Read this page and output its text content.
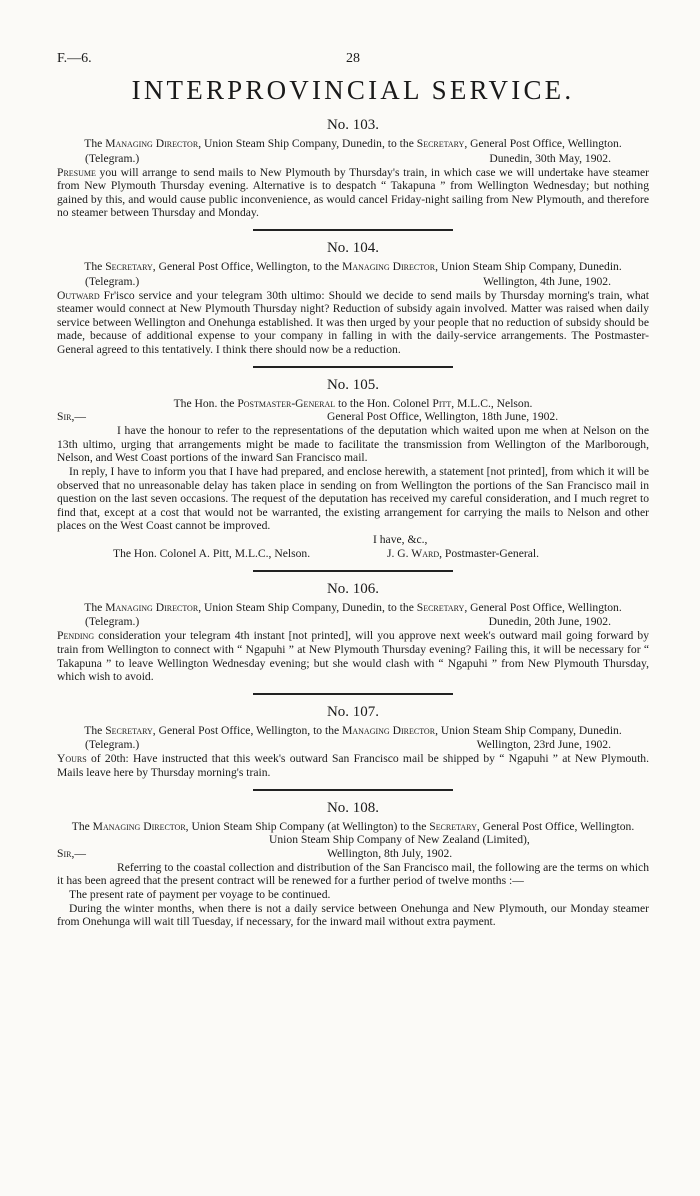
F.—6.	28
INTERPROVINCIAL SERVICE.
No. 103.

The Managing Director, Union Steam Ship Company, Dunedin, to the Secretary, General Post Office, Wellington.

(Telegram.)	Dunedin, 30th May, 1902.

Presume you will arrange to send mails to New Plymouth by Thursday's train, in which case we will undertake have steamer from New Plymouth Thursday evening. Alternative is to despatch “ Takapuna ” from Wellington Wednesday; but nothing gained by this, and would cause public inconvenience, as would cancel Friday-night sailing from New Plymouth, and therefore no steamer between Thursday and Monday.

No. 104.

The Secretary, General Post Office, Wellington, to the Managing Director, Union Steam Ship Company, Dunedin.

(Telegram.)	Wellington, 4th June, 1902.

Outward Fr'isco service and your telegram 30th ultimo: Should we decide to send mails by Thursday morning's train, what steamer would connect at New Plymouth Thursday night? Reduction of subsidy again involved. Matter was raised when daily service between Wellington and Onehunga established. It was then urged by your people that no reduction of subsidy should be made, because of additional expense to your company in falling in with the daily-service arrangements. The Postmaster-General agreed to this tentatively. I think there should now be a reduction.

No. 105.

The Hon. the Postmaster-General to the Hon. Colonel Pitt, M.L.C., Nelson.

Sir,—	General Post Office, Wellington, 18th June, 1902.

I have the honour to refer to the representations of the deputation which waited upon me when at Nelson on the 13th ultimo, urging that arrangements might be made to facilitate the transmission from Wellington of the Marlborough, Nelson, and West Coast portions of the inward San Francisco mail.

In reply, I have to inform you that I have had prepared, and enclose herewith, a statement [not printed], from which it will be observed that no unreasonable delay has taken place in sending on from Wellington the portions of the San Francisco mail in question on the last seven occasions. The request of the deputation has received my careful consideration, and I much regret to find that, except at a cost that would not be warranted, the existing arrangement for carrying the mails to Nelson and other places on the West Coast cannot be improved.

I have, &c.,
The Hon. Colonel A. Pitt, M.L.C., Nelson.	J. G. Ward, Postmaster-General.
No. 106.

The Managing Director, Union Steam Ship Company, Dunedin, to the Secretary, General Post Office, Wellington.

(Telegram.)	Dunedin, 20th June, 1902.

Pending consideration your telegram 4th instant [not printed], will you approve next week's outward mail going forward by train from Wellington to connect with “ Ngapuhi ” at New Plymouth Thursday evening? Failing this, it will be necessary for “ Takapuna ” to leave Wellington Wednesday evening; but she would clash with “ Ngapuhi ” from New Plymouth Thursday, which wish to avoid.

No. 107.

The Secretary, General Post Office, Wellington, to the Managing Director, Union Steam Ship Company, Dunedin.

(Telegram.)	Wellington, 23rd June, 1902.

Yours of 20th: Have instructed that this week's outward San Francisco mail be shipped by “ Ngapuhi ” at New Plymouth. Mails leave here by Thursday morning's train.

No. 108.

The Managing Director, Union Steam Ship Company (at Wellington) to the Secretary, General Post Office, Wellington.

Union Steam Ship Company of New Zealand (Limited),
Sir,—	Wellington, 8th July, 1902.

Referring to the coastal collection and distribution of the San Francisco mail, the following are the terms on which it has been agreed that the present contract will be renewed for a further period of twelve months :—

The present rate of payment per voyage to be continued.

During the winter months, when there is not a daily service between Onehunga and New Plymouth, our Monday steamer from Onehunga will wait till Tuesday, if necessary, for the inward mail without extra payment.
